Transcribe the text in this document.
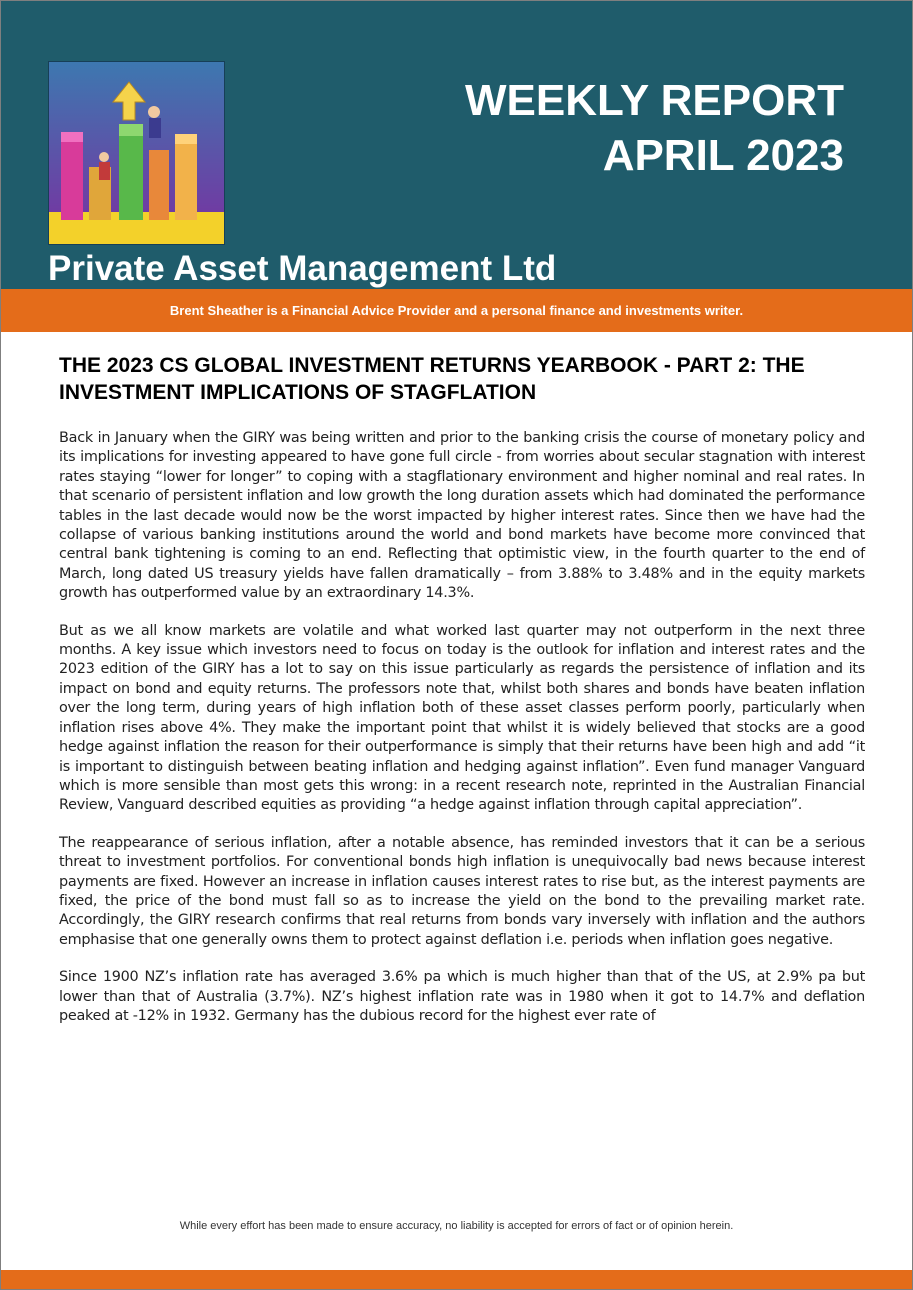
WEEKLY REPORT
APRIL 2023
Private Asset Management Ltd
Brent Sheather is a Financial Advice Provider and a personal finance and investments writer.
THE 2023 CS GLOBAL INVESTMENT RETURNS YEARBOOK - PART 2: THE INVESTMENT IMPLICATIONS OF STAGFLATION

Back in January when the GIRY was being written and prior to the banking crisis the course of monetary policy and its implications for investing appeared to have gone full circle - from worries about secular stagnation with interest rates staying “lower for longer” to coping with a stagflationary environment and higher nominal and real rates. In that scenario of persistent inflation and low growth the long duration assets which had dominated the performance tables in the last decade would now be the worst impacted by higher interest rates. Since then we have had the collapse of various banking institutions around the world and bond markets have become more convinced that central bank tightening is coming to an end. Reflecting that optimistic view, in the fourth quarter to the end of March, long dated US treasury yields have fallen dramatically – from 3.88% to 3.48% and in the equity markets growth has outperformed value by an extraordinary 14.3%.

But as we all know markets are volatile and what worked last quarter may not outperform in the next three months. A key issue which investors need to focus on today is the outlook for inflation and interest rates and the 2023 edition of the GIRY has a lot to say on this issue particularly as regards the persistence of inflation and its impact on bond and equity returns. The professors note that, whilst both shares and bonds have beaten inflation over the long term, during years of high inflation both of these asset classes perform poorly, particularly when inflation rises above 4%. They make the important point that whilst it is widely believed that stocks are a good hedge against inflation the reason for their outperformance is simply that their returns have been high and add “it is important to distinguish between beating inflation and hedging against inflation”. Even fund manager Vanguard which is more sensible than most gets this wrong: in a recent research note, reprinted in the Australian Financial Review, Vanguard described equities as providing “a hedge against inflation through capital appreciation”.

The reappearance of serious inflation, after a notable absence, has reminded investors that it can be a serious threat to investment portfolios. For conventional bonds high inflation is unequivocally bad news because interest payments are fixed. However an increase in inflation causes interest rates to rise but, as the interest payments are fixed, the price of the bond must fall so as to increase the yield on the bond to the prevailing market rate. Accordingly, the GIRY research confirms that real returns from bonds vary inversely with inflation and the authors emphasise that one generally owns them to protect against deflation i.e. periods when inflation goes negative.

Since 1900 NZ’s inflation rate has averaged 3.6% pa which is much higher than that of the US, at 2.9% pa but lower than that of Australia (3.7%). NZ’s highest inflation rate was in 1980 when it got to 14.7% and deflation peaked at -12% in 1932. Germany has the dubious record for the highest ever rate of

While every effort has been made to ensure accuracy, no liability is accepted for errors of fact or of opinion herein.
